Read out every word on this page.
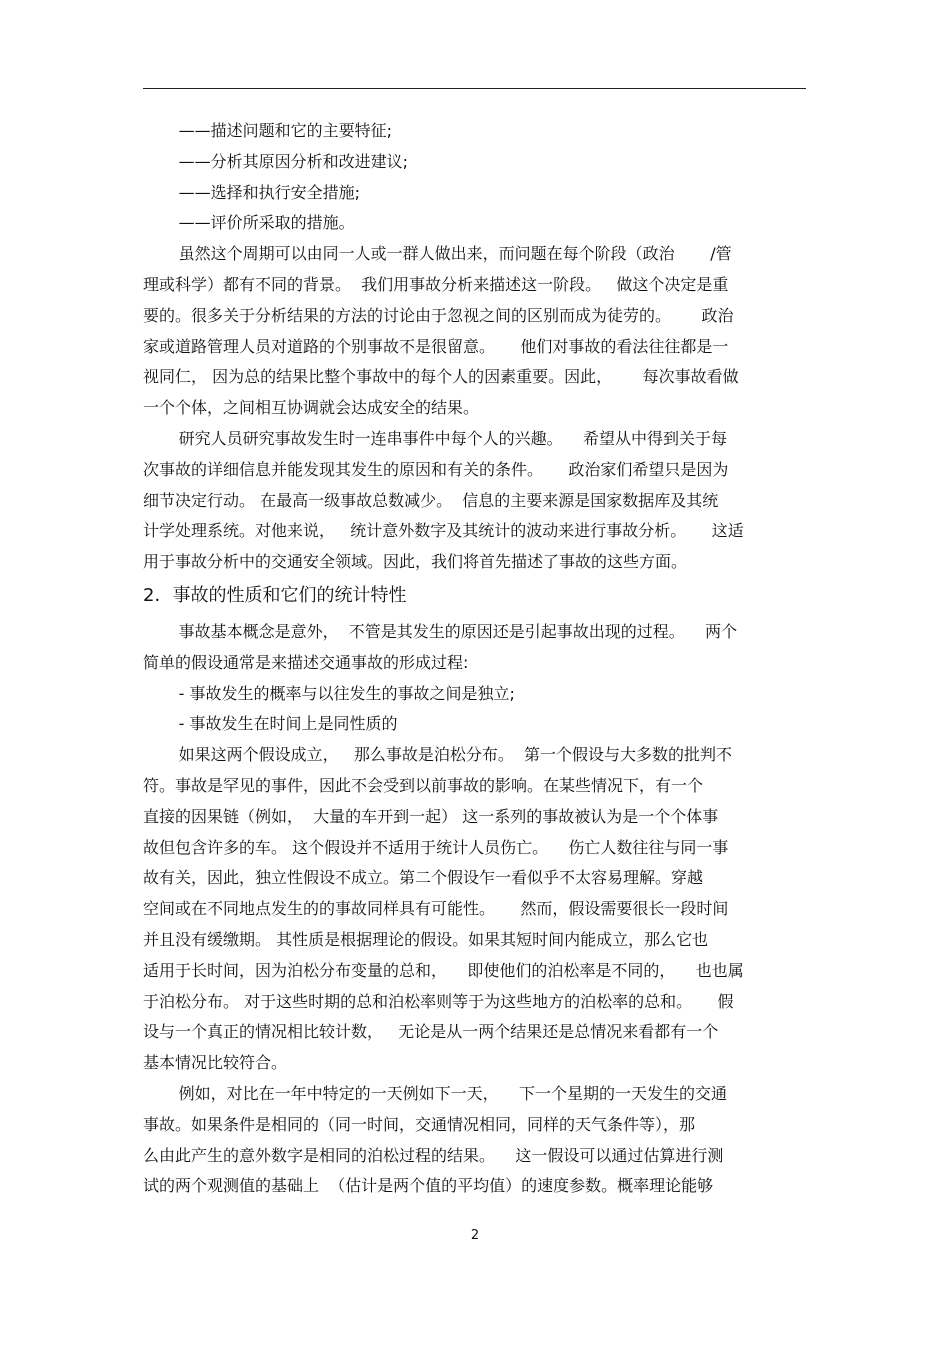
——描述问题和它的主要特征;
——分析其原因分析和改进建议;
——选择和执行安全措施;
——评价所采取的措施。
虽然这个周期可以由同一人或一群人做出来，而问题在每个阶段（政治       /管
理或科学）都有不同的背景。  我们用事故分析来描述这一阶段。   做这个决定是重
要的。很多关于分析结果的方法的讨论由于忽视之间的区别而成为徒劳的。      政治
家或道路管理人员对道路的个别事故不是很留意。     他们对事故的看法往往都是一
视同仁， 因为总的结果比整个事故中的每个人的因素重要。因此，      每次事故看做
一个个体，之间相互协调就会达成安全的结果。
研究人员研究事故发生时一连串事件中每个人的兴趣。    希望从中得到关于每
次事故的详细信息并能发现其发生的原因和有关的条件。     政治家们希望只是因为
细节决定行动。 在最高一级事故总数减少。  信息的主要来源是国家数据库及其统
计学处理系统。对他来说，   统计意外数字及其统计的波动来进行事故分析。     这适
用于事故分析中的交通安全领域。因此，我们将首先描述了事故的这些方面。
2．事故的性质和它们的统计特性
事故基本概念是意外，  不管是其发生的原因还是引起事故出现的过程。    两个
简单的假设通常是来描述交通事故的形成过程:
- 事故发生的概率与以往发生的事故之间是独立;
- 事故发生在时间上是同性质的
如果这两个假设成立，   那么事故是泊松分布。  第一个假设与大多数的批判不
符。事故是罕见的事件，因此不会受到以前事故的影响。在某些情况下，有一个
直接的因果链（例如，  大量的车开到一起） 这一系列的事故被认为是一个个体事
故但包含许多的车。 这个假设并不适用于统计人员伤亡。    伤亡人数往往与同一事
故有关，因此，独立性假设不成立。第二个假设乍一看似乎不太容易理解。穿越
空间或在不同地点发生的的事故同样具有可能性。     然而，假设需要很长一段时间
并且没有缓缴期。 其性质是根据理论的假设。如果其短时间内能成立，那么它也
适用于长时间，因为泊松分布变量的总和，    即使他们的泊松率是不同的，    也也属
于泊松分布。 对于这些时期的总和泊松率则等于为这些地方的泊松率的总和。     假
设与一个真正的情况相比较计数，   无论是从一两个结果还是总情况来看都有一个
基本情况比较符合。
例如，对比在一年中特定的一天例如下一天，    下一个星期的一天发生的交通
事故。如果条件是相同的（同一时间，交通情况相同，同样的天气条件等），那
么由此产生的意外数字是相同的泊松过程的结果。    这一假设可以通过估算进行测
试的两个观测值的基础上  （估计是两个值的平均值）的速度参数。概率理论能够
2
